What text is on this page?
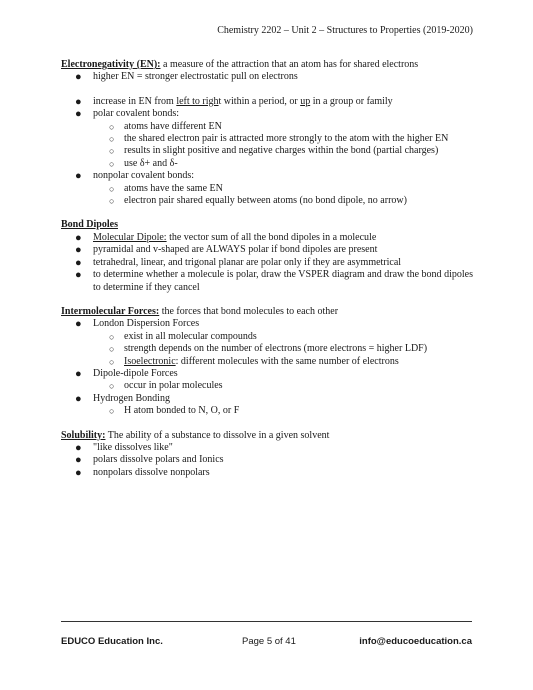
Chemistry 2202 – Unit 2 – Structures to Properties (2019-2020)
Electronegativity (EN): a measure of the attraction that an atom has for shared electrons
● higher EN = stronger electrostatic pull on electrons
● increase in EN from left to right within a period, or up in a group or family
● polar covalent bonds:
○ atoms have different EN
○ the shared electron pair is attracted more strongly to the atom with the higher EN
○ results in slight positive and negative charges within the bond (partial charges)
○ use δ+ and δ-
● nonpolar covalent bonds:
○ atoms have the same EN
○ electron pair shared equally between atoms (no bond dipole, no arrow)
Bond Dipoles
● Molecular Dipole: the vector sum of all the bond dipoles in a molecule
● pyramidal and v-shaped are ALWAYS polar if bond dipoles are present
● tetrahedral, linear, and trigonal planar are polar only if they are asymmetrical
● to determine whether a molecule is polar, draw the VSPER diagram and draw the bond dipoles to determine if they cancel
Intermolecular Forces: the forces that bond molecules to each other
● London Dispersion Forces
○ exist in all molecular compounds
○ strength depends on the number of electrons (more electrons = higher LDF)
○ Isoelectronic: different molecules with the same number of electrons
● Dipole-dipole Forces
○ occur in polar molecules
● Hydrogen Bonding
○ H atom bonded to N, O, or F
Solubility: The ability of a substance to dissolve in a given solvent
● "like dissolves like"
● polars dissolve polars and Ionics
● nonpolars dissolve nonpolars
EDUCO Education Inc.	Page 5 of 41	info@educoeducation.ca
